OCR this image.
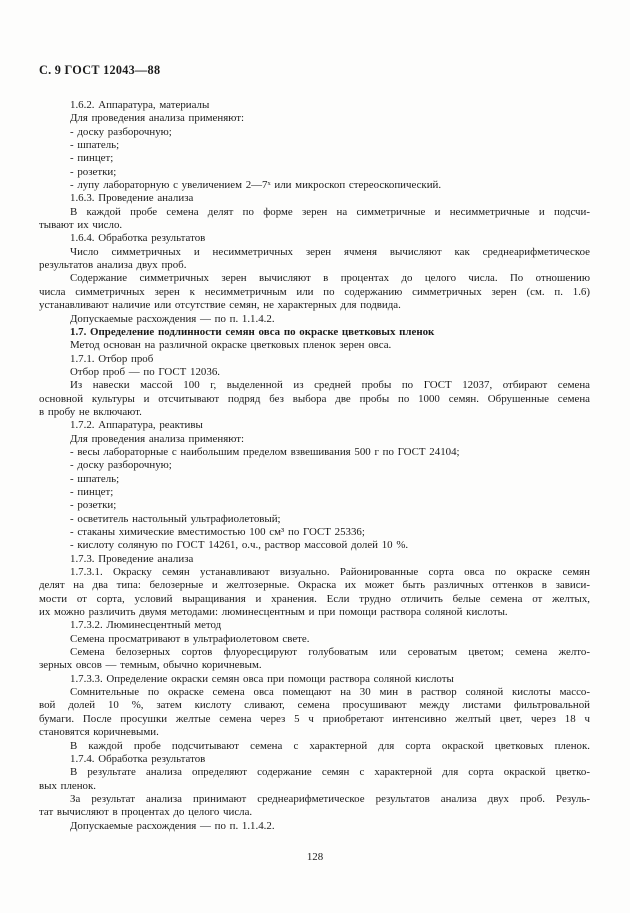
С. 9 ГОСТ 12043—88
1.6.2. Аппаратура, материалы
Для проведения анализа применяют:
- доску разборочную;
- шпатель;
- пинцет;
- розетки;
- лупу лабораторную с увеличением 2—7ˣ или микроскоп стереоскопический.
1.6.3. Проведение анализа
В каждой пробе семена делят по форме зерен на симметричные и несимметричные и подсчи-
тывают их число.
1.6.4. Обработка результатов
Число симметричных и несимметричных зерен ячменя вычисляют как среднеарифметическое
результатов анализа двух проб.
Содержание симметричных зерен вычисляют в процентах до целого числа. По отношению
числа симметричных зерен к несимметричным или по содержанию симметричных зерен (см. п. 1.6)
устанавливают наличие или отсутствие семян, не характерных для подвида.
Допускаемые расхождения — по п. 1.1.4.2.
1.7. Определение подлинности семян овса по окраске цветковых пленок
Метод основан на различной окраске цветковых пленок зерен овса.
1.7.1. Отбор проб
Отбор проб — по ГОСТ 12036.
Из навески массой 100 г, выделенной из средней пробы по ГОСТ 12037, отбирают семена
основной культуры и отсчитывают подряд без выбора две пробы по 1000 семян. Обрушенные семена
в пробу не включают.
1.7.2. Аппаратура, реактивы
Для проведения анализа применяют:
- весы лабораторные с наибольшим пределом взвешивания 500 г по ГОСТ 24104;
- доску разборочную;
- шпатель;
- пинцет;
- розетки;
- осветитель настольный ультрафиолетовый;
- стаканы химические вместимостью 100 см³ по ГОСТ 25336;
- кислоту соляную по ГОСТ 14261, о.ч., раствор массовой долей 10 %.
1.7.3. Проведение анализа
1.7.3.1. Окраску семян устанавливают визуально. Районированные сорта овса по окраске семян
делят на два типа: белозерные и желтозерные. Окраска их может быть различных оттенков в зависи-
мости от сорта, условий выращивания и хранения. Если трудно отличить белые семена от желтых,
их можно различить двумя методами: люминесцентным и при помощи раствора соляной кислоты.
1.7.3.2. Люминесцентный метод
Семена просматривают в ультрафиолетовом свете.
Семена белозерных сортов флуоресцируют голубоватым или сероватым цветом; семена желто-
зерных овсов — темным, обычно коричневым.
1.7.3.3. Определение окраски семян овса при помощи раствора соляной кислоты
Сомнительные по окраске семена овса помещают на 30 мин в раствор соляной кислоты массо-
вой долей 10 %, затем кислоту сливают, семена просушивают между листами фильтровальной
бумаги. После просушки желтые семена через 5 ч приобретают интенсивно желтый цвет, через 18 ч
становятся коричневыми.
В каждой пробе подсчитывают семена с характерной для сорта окраской цветковых пленок.
1.7.4. Обработка результатов
В результате анализа определяют содержание семян с характерной для сорта окраской цветко-
вых пленок.
За результат анализа принимают среднеарифметическое результатов анализа двух проб. Резуль-
тат вычисляют в процентах до целого числа.
Допускаемые расхождения — по п. 1.1.4.2.
128
